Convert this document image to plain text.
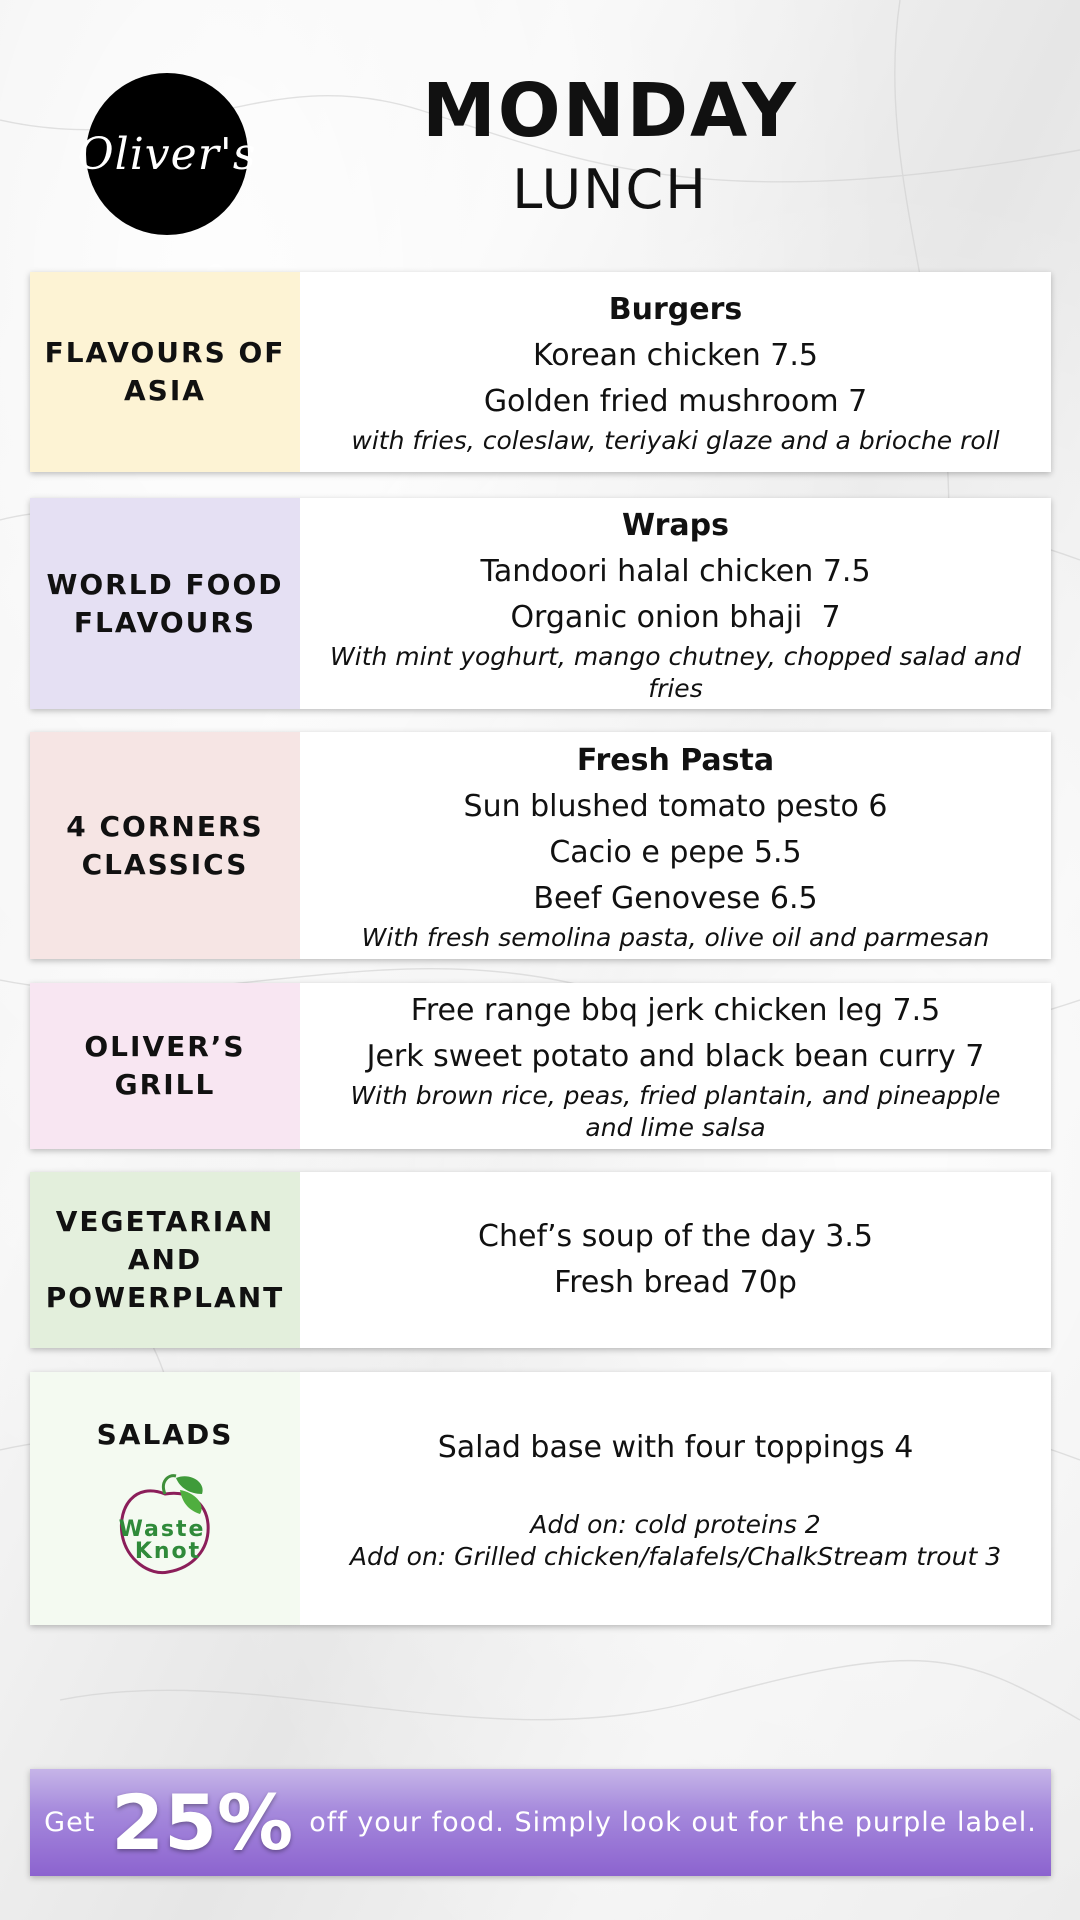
Oliver's	MONDAY
LUNCH
FLAVOURS OF
ASIA
Burgers
Korean chicken 7.5
Golden fried mushroom 7
with fries, coleslaw, teriyaki glaze and a brioche roll
WORLD FOOD
FLAVOURS
Wraps
Tandoori halal chicken 7.5
Organic onion bhaji  7
With mint yoghurt, mango chutney, chopped salad and fries
4 CORNERS
CLASSICS
Fresh Pasta
Sun blushed tomato pesto 6
Cacio e pepe 5.5
Beef Genovese 6.5
With fresh semolina pasta, olive oil and parmesan
OLIVER’S
GRILL
Free range bbq jerk chicken leg 7.5
Jerk sweet potato and black bean curry 7
With brown rice, peas, fried plantain, and pineapple and lime salsa
VEGETARIAN
AND
POWERPLANT
Chef’s soup of the day 3.5
Fresh bread 70p
SALADS
Waste
Knot
Salad base with four toppings 4
Add on: cold proteins 2
Add on: Grilled chicken/falafels/ChalkStream trout 3
Get 25% off your food. Simply look out for the purple label.
